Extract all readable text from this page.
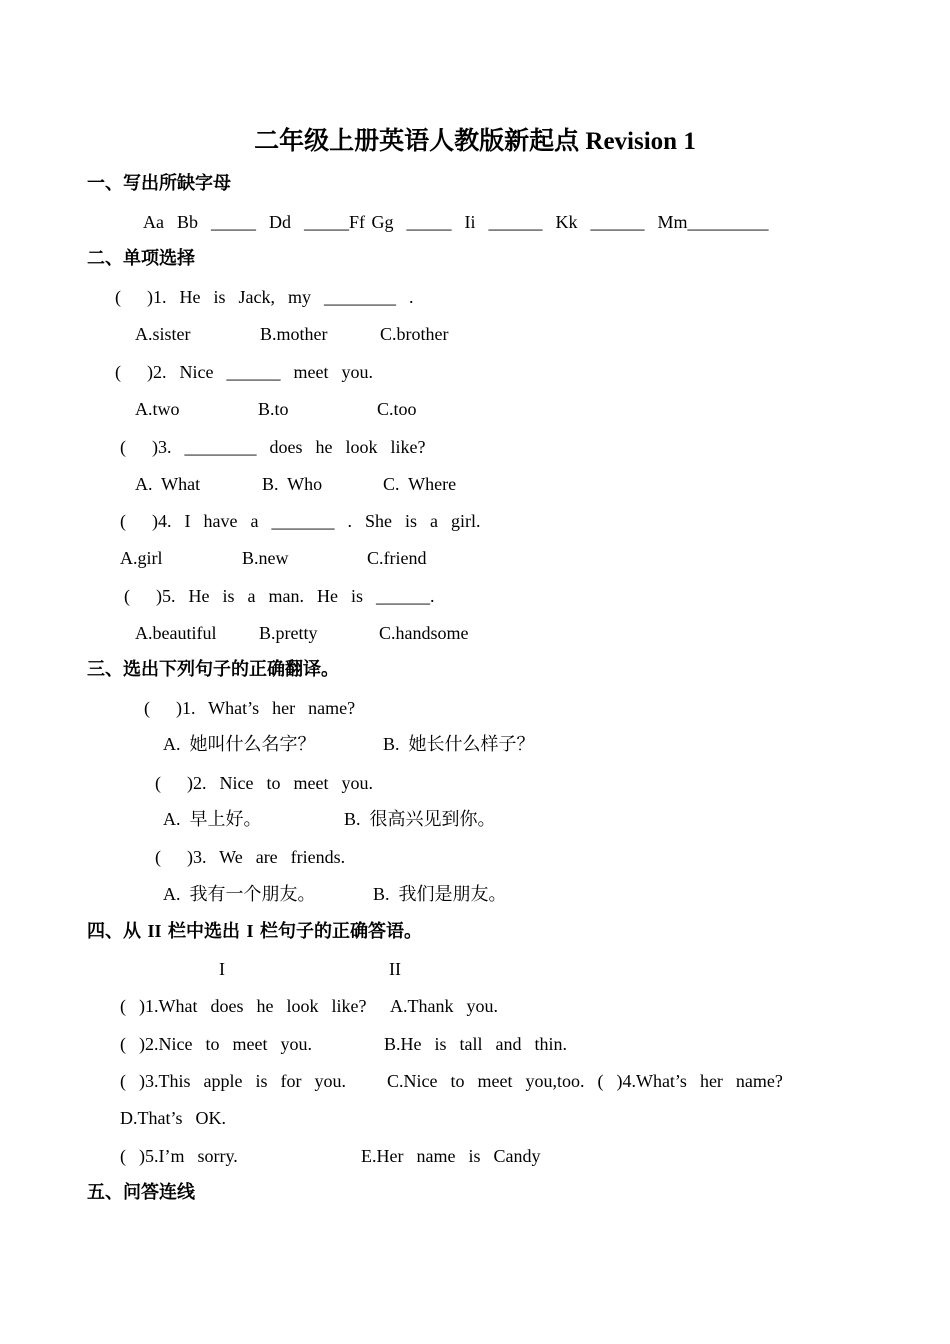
二年级上册英语人教版新起点 Revision 1
一、写出所缺字母
Aa  Bb  _____  Dd  _____Ff Gg  _____  Ii  ______  Kk  ______  Mm_________
二、单项选择
(    )1.  He  is  Jack,  my  ________  .
A.sister	B.mother	C.brother
(    )2.  Nice  ______  meet  you.
A.two	B.to	C.too
(    )3.  ________  does  he  look  like?
A.  What	B.  Who	C.  Where
(    )4.  I  have  a  _______  .  She  is  a  girl.
A.girl	B.new	C.friend
(    )5.  He  is  a  man.  He  is  ______.
A.beautiful B.pretty	C.handsome
三、选出下列句子的正确翻译。
(    )1.  What’s  her  name?
A.  她叫什么名字？	B.  她长什么样子？
(    )2.  Nice  to  meet  you.
A.  早上好。	B.  很高兴见到你。
(    )3.  We  are  friends.
A.  我有一个朋友。	B.  我们是朋友。
四、从 II 栏中选出 I 栏句子的正确答语。
I	II
(  )1.What  does  he  look  like? A.Thank  you.
(  )2.Nice  to  meet  you.	B.He  is  tall  and  thin.
(  )3.This  apple  is  for  you. C.Nice  to  meet  you,too.  (  )4.What’s  her  name?
D.That’s  OK.
(  )5.I’m  sorry.	E.Her  name  is  Candy
五、问答连线
